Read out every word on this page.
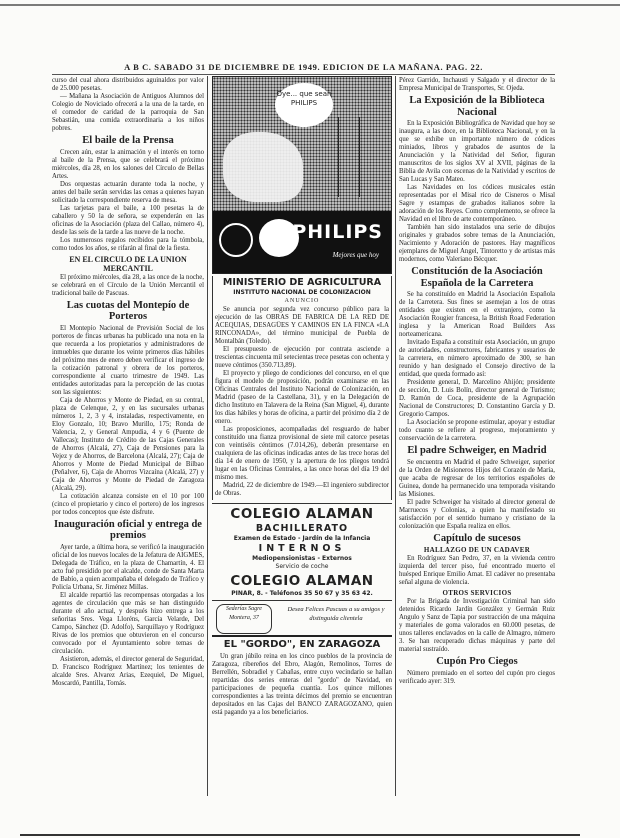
A B C. SABADO 31 DE DICIEMBRE DE 1949. EDICION DE LA MAÑANA. PAG. 22.

curso del cual ahora distribuidos aguinaldos por valor de 25.000 pesetas.

— Mañana la Asociación de Antiguos Alumnos del Colegio de Noviciado ofrecerá a la una de la tarde, en el comedor de caridad de la parroquia de San Sebastián, una comida extraordinaria a los niños pobres.

El baile de la Prensa

Crecen aún, estar la animación y el interés en torno al baile de la Prensa, que se celebrará el próximo miércoles, día 28, en los salones del Círculo de Bellas Artes.

Dos orquestas actuarán durante toda la noche, y antes del baile serán servidas las cenas a quienes hayan solicitado la correspondiente reserva de mesa.

Las tarjetas para el baile, a 100 pesetas la de caballero y 50 la de señora, se expenderán en las oficinas de la Asociación (plaza del Callao, número 4), desde las seis de la tarde a las nueve de la noche.

Los numerosos regalos recibidos para la tómbola, como todos los años, se rifarán al final de la fiesta.

EN EL CIRCULO DE LA UNION MERCANTIL

El próximo miércoles, día 28, a las once de la noche, se celebrará en el Círculo de la Unión Mercantil el tradicional baile de Pascuas.

Las cuotas del Montepío de Porteros

El Montepío Nacional de Previsión Social de los porteros de fincas urbanas ha publicado una nota en la que recuerda a los propietarios y administradores de inmuebles que durante los veinte primeros días hábiles del próximo mes de enero deben verificar el ingreso de la cotización patronal y obrera de los porteros, correspondiente al cuarto trimestre de 1949. Las entidades autorizadas para la percepción de las cuotas son las siguientes:

Caja de Ahorros y Monte de Piedad, en su central, plaza de Celenque, 2, y en las sucursales urbanas números 1, 2, 3 y 4, instaladas, respectivamente, en Eloy Gonzalo, 10; Bravo Murillo, 175; Ronda de Valencia, 2, y General Ampudia, 4 y 6 (Puente de Vallecas); Instituto de Crédito de las Cajas Generales de Ahorros (Alcalá, 27), Caja de Pensiones para la Vejez y de Ahorros, de Barcelona (Alcalá, 27); Caja de Ahorros y Monte de Piedad Municipal de Bilbao (Peñalver, 6), Caja de Ahorros Vizcaína (Alcalá, 27) y Caja de Ahorros y Monte de Piedad de Zaragoza (Alcalá, 29).

La cotización alcanza consiste en el 10 por 100 (cinco el propietario y cinco el portero) de los ingresos por todos conceptos que éste disfrute.

Inauguración oficial y entrega de premios

Ayer tarde, a última hora, se verificó la inauguración oficial de los nuevos locales de la Jefatura de AIGMES, Delegada de Tráfico, en la plaza de Chamartín, 4. El acto fué presidido por el alcalde, conde de Santa Marta de Babío, a quien acompañaba el delegado de Tráfico y Policía Urbana, Sr. Jiménez Millas.

El alcalde repartió las recompensas otorgadas a los agentes de circulación que más se han distinguido durante el año actual, y después hizo entrega a los señoritas Sres. Vega Lloréns, García Velarde, Del Campo, Sánchez (D. Adolfo), Sarquillayo y Rodríguez Rivas de los premios que obtuvieron en el concurso convocado por el Ayuntamiento sobre temas de circulación.

Asistieron, además, el director general de Seguridad, D. Francisco Rodríguez Martínez; los tenientes de alcalde Sres. Alvarez Arias, Ezequiel, De Miguel, Moscardó, Pantilla, Tomás.

Oye... que sean PHILIPS
PHILIPS
Mejores que hoy
MINISTERIO DE AGRICULTURA
INSTITUTO NACIONAL DE COLONIZACION
ANUNCIO

Se anuncia por segunda vez concurso público para la ejecución de las OBRAS DE FABRICA DE LA RED DE ACEQUIAS, DESAGÜES Y CAMINOS EN LA FINCA «LA RINCONADA», del término municipal de Puebla de Montalbán (Toledo).

El presupuesto de ejecución por contrata asciende a trescientas cincuenta mil setecientas trece pesetas con ochenta y nueve céntimos (350.713,89).

El proyecto y pliego de condiciones del concurso, en el que figura el modelo de proposición, podrán examinarse en las Oficinas Centrales del Instituto Nacional de Colonización, en Madrid (paseo de la Castellana, 31), y en la Delegación de dicho Instituto en Talavera de la Reina (San Miguel, 4), durante los días hábiles y horas de oficina, a partir del próximo día 2 de enero.

Las proposiciones, acompañadas del resguardo de haber constituído una fianza provisional de siete mil catorce pesetas con veintiséis céntimos (7.014,26), deberán presentarse en cualquiera de las oficinas indicadas antes de las trece horas del día 14 de enero de 1950, y la apertura de los pliegos tendrá lugar en las Oficinas Centrales, a las once horas del día 19 del mismo mes.

Madrid, 22 de diciembre de 1949.—El ingeniero subdirector de Obras.

COLEGIO ALAMAN
BACHILLERATO
Examen de Estado - Jardín de la Infancia
INTERNOS
Mediopensionistas - Externos
Servicio de coche
COLEGIO ALAMAN
PINAR, 8. - Teléfonos 35 50 67 y 35 63 42.
Sederías Sagre Montera, 37
Desea Felices Pascuas a su amigos y distinguida clientela
EL "GORDO", EN ZARAGOZA

Un gran júbilo reina en los cinco pueblos de la provincia de Zaragoza, ribereños del Ebro, Alagón, Remolinos, Torres de Berrellén, Sobradiel y Cabañas, entre cuyo vecindario se hallan repartidas dos series enteras del "gordo" de Navidad, en participaciones de pequeña cuantía. Los quince millones correspondientes a las treinta décimos del premio se encuentran depositados en las Cajas del BANCO ZARAGOZANO, quien está pagando ya a los beneficiarios.

Pérez Garrido, Inchausti y Salgado y el director de la Empresa Municipal de Transportes, Sr. Ojeda.

La Exposición de la Biblioteca Nacional

En la Exposición Bibliográfica de Navidad que hoy se inaugura, a las doce, en la Biblioteca Nacional, y en la que se exhibe un importante número de códices miniados, libros y grabados de asuntos de la Anunciación y la Natividad del Señor, figuran manuscritos de los siglos XV al XVII, páginas de la Biblia de Avila con escenas de la Natividad y escritos de San Lucas y San Mateo.

Las Navidades en los códices musicales están representadas por el Misal rico de Cisneros o Misal Sagre y estampas de grabados italianos sobre la adoración de los Reyes. Como complemento, se ofrece la Navidad en el libro de arte contemporáneo.

También han sido instalados una serie de dibujos originales y grabados sobre temas de la Anunciación, Nacimiento y Adoración de pastores. Hay magníficos ejemplares de Miguel Angel, Tintoretto y de artistas más modernos, como Valeriano Bécquer.

Constitución de la Asociación Española de la Carretera

Se ha constituído en Madrid la Asociación Española de la Carretera. Sus fines se asemejan a los de otras entidades que existen en el extranjero, como la Asociación Rougier francesa, la British Road Federation inglesa y la American Road Builders Ass norteamericana.

Invitado España a constituir esta Asociación, un grupo de autoridades, constructores, fabricantes y usuarios de la carretera, en número aproximado de 300, se han reunido y han designado el Consejo directivo de la entidad, que queda formado así:

Presidente general, D. Marcelino Ahijón; presidente de sección, D. Luis Bolín, director general de Turismo; D. Ramón de Coca, presidente de la Agrupación Nacional de Constructores; D. Constantino García y D. Gregorio Campos.

La Asociación se propone estimular, apoyar y estudiar todo cuanto se refiere al progreso, mejoramiento y conservación de la carretera.

El padre Schweiger, en Madrid

Se encuentra en Madrid el padre Schweiger, superior de la Orden de Misioneros Hijos del Corazón de María, que acaba de regresar de los territorios españoles de Guinea, donde ha permanecido una temporada visitando las Misiones.

El padre Schweiger ha visitado al director general de Marruecos y Colonias, a quien ha manifestado su satisfacción por el sentido humano y cristiano de la colonización que España realiza en ellos.

Capítulo de sucesos
HALLAZGO DE UN CADAVER

En Rodríguez San Pedro, 37, en la vivienda centro izquierda del tercer piso, fué encontrado muerto el huésped Enrique Emilio Amat. El cadáver no presentaba señal alguna de violencia.

OTROS SERVICIOS

Por la Brigada de Investigación Criminal han sido detenidos Ricardo Jardín González y Germán Ruiz Angulo y Sanz de Tapia por sustracción de una máquina y materiales de goma valorados en 60.000 pesetas, de unos talleres enclavados en la calle de Almagro, número 3. Se han recuperado dichas máquinas y parte del material sustraído.

Cupón Pro Ciegos

Número premiado en el sorteo del cupón pro ciegos verificado ayer: 319.
